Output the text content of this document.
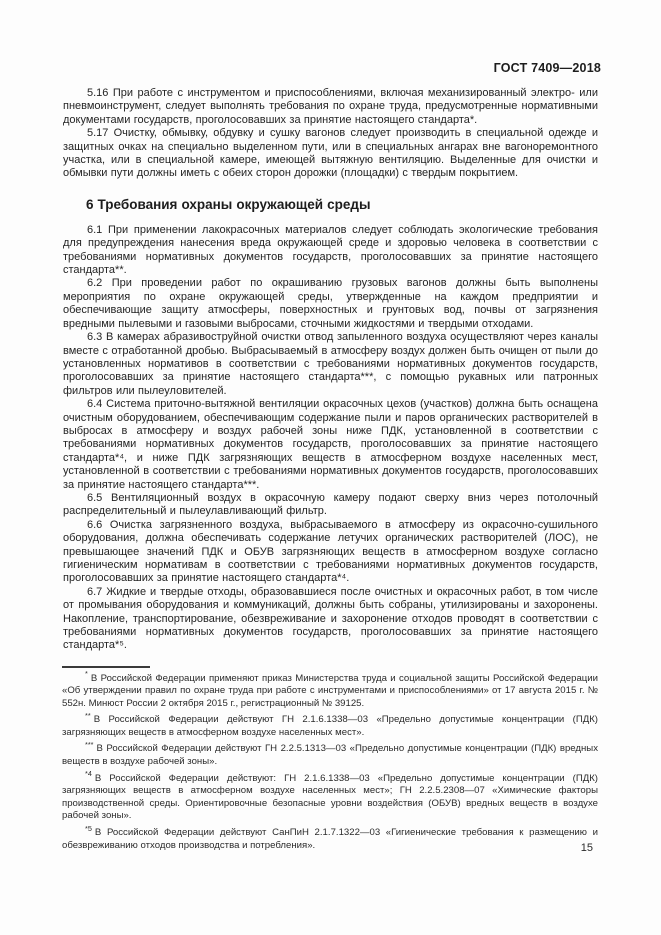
ГОСТ 7409—2018

5.16 При работе с инструментом и приспособлениями, включая механизированный электро- или пневмоинструмент, следует выполнять требования по охране труда, предусмотренные нормативными документами государств, проголосовавших за принятие настоящего стандарта*.

5.17 Очистку, обмывку, обдувку и сушку вагонов следует производить в специальной одежде и защитных очках на специально выделенном пути, или в специальных ангарах вне вагоноремонтного участка, или в специальной камере, имеющей вытяжную вентиляцию. Выделенные для очистки и обмывки пути должны иметь с обеих сторон дорожки (площадки) с твердым покрытием.

6 Требования охраны окружающей среды

6.1 При применении лакокрасочных материалов следует соблюдать экологические требования для предупреждения нанесения вреда окружающей среде и здоровью человека в соответствии с требованиями нормативных документов государств, проголосовавших за принятие настоящего стандарта**.

6.2 При проведении работ по окрашиванию грузовых вагонов должны быть выполнены мероприятия по охране окружающей среды, утвержденные на каждом предприятии и обеспечивающие защиту атмосферы, поверхностных и грунтовых вод, почвы от загрязнения вредными пылевыми и газовыми выбросами, сточными жидкостями и твердыми отходами.

6.3 В камерах абразивоструйной очистки отвод запыленного воздуха осуществляют через каналы вместе с отработанной дробью. Выбрасываемый в атмосферу воздух должен быть очищен от пыли до установленных нормативов в соответствии с требованиями нормативных документов государств, проголосовавших за принятие настоящего стандарта***, с помощью рукавных или патронных фильтров или пылеуловителей.

6.4 Система приточно-вытяжной вентиляции окрасочных цехов (участков) должна быть оснащена очистным оборудованием, обеспечивающим содержание пыли и паров органических растворителей в выбросах в атмосферу и воздух рабочей зоны ниже ПДК, установленной в соответствии с требованиями нормативных документов государств, проголосовавших за принятие настоящего стандарта*⁴, и ниже ПДК загрязняющих веществ в атмосферном воздухе населенных мест, установленной в соответствии с требованиями нормативных документов государств, проголосовавших за принятие настоящего стандарта***.

6.5 Вентиляционный воздух в окрасочную камеру подают сверху вниз через потолочный распределительный и пылеулавливающий фильтр.

6.6 Очистка загрязненного воздуха, выбрасываемого в атмосферу из окрасочно-сушильного оборудования, должна обеспечивать содержание летучих органических растворителей (ЛОС), не превышающее значений ПДК и ОБУВ загрязняющих веществ в атмосферном воздухе согласно гигиеническим нормативам в соответствии с требованиями нормативных документов государств, проголосовавших за принятие настоящего стандарта*⁴.

6.7 Жидкие и твердые отходы, образовавшиеся после очистных и окрасочных работ, в том числе от промывания оборудования и коммуникаций, должны быть собраны, утилизированы и захоронены. Накопление, транспортирование, обезвреживание и захоронение отходов проводят в соответствии с требованиями нормативных документов государств, проголосовавших за принятие настоящего стандарта*⁵.

* В Российской Федерации применяют приказ Министерства труда и социальной защиты Российской Федерации «Об утверждении правил по охране труда при работе с инструментами и приспособлениями» от 17 августа 2015 г. № 552н. Минюст России 2 октября 2015 г., регистрационный № 39125.

** В Российской Федерации действуют ГН 2.1.6.1338—03 «Предельно допустимые концентрации (ПДК) загрязняющих веществ в атмосферном воздухе населенных мест».

*** В Российской Федерации действуют ГН 2.2.5.1313—03 «Предельно допустимые концентрации (ПДК) вредных веществ в воздухе рабочей зоны».

$^{*4}$ В Российской Федерации действуют: ГН 2.1.6.1338—03 «Предельно допустимые концентрации (ПДК) загрязняющих веществ в атмосферном воздухе населенных мест»; ГН 2.2.5.2308—07 «Химические факторы производственной среды. Ориентировочные безопасные уровни воздействия (ОБУВ) вредных веществ в воздухе рабочей зоны».

$^{*5}$ В Российской Федерации действуют СанПиН 2.1.7.1322—03 «Гигиенические требования к размещению и обезвреживанию отходов производства и потребления».	15
